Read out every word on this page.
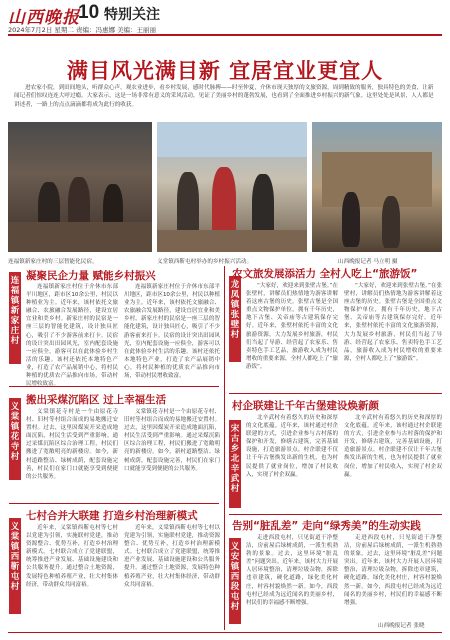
山西晚报
10 特别关注
2024年7月2日 星期二 责编：冯惠娜 美编：王丽丽
满目风光满目新 宜居宜业更宜人
进农家小院，到田间地头，听群众心声，观农业进步，看乡村发展，感时代脉搏——时至仲夏，介休市现天独厚的文旅资源，周到精致的服务，独具特色的美食，让新闻记者们惊叹连连大呼过瘾。大家表示，这是一场非常有意义的采风活动，见证了美丽乡村的蓬勃发展，也看到了全面推进乡村振兴的新气象。这里处处是风景，人人都是讲述者，一路上的点点滴滴都将成为此行的收获。
连福镇新家庄村的三层智能化民宿。	义堂镇西靳屯村举办的乡村振兴活动。	山西晚报记者 马立明 摄
连福镇新家庄村
凝聚民企力量 赋能乡村振兴
连福镇新家庄村位于介休市东部平川地区，距市区10余公里，村民以种植业为主。近年来，该村依托文旅融合、农旅融合发展路径，建设宜居宜业和美乡村。新家庄村的民宿是一座三层的智能化建筑，设计独具匠心，吸引了不少游客前来打卡。民宿的设计突出田园风光，室内配套设施一应俱全，游客可以在此体验乡村生活的乐趣。该村还依托本地特色产业，打造了农产品展销中心，将村民种植的优质农产品推向市场，带动村民增收致富。
连福镇新家庄村位于介休市东部平川地区，距市区10余公里，村民以种植业为主。近年来，该村依托文旅融合、农旅融合发展路径，建设宜居宜业和美乡村。新家庄村的民宿是一座三层的智能化建筑，设计独具匠心，吸引了不少游客前来打卡。民宿的设计突出田园风光，室内配套设施一应俱全，游客可以在此体验乡村生活的乐趣。该村还依托本地特色产业，打造了农产品展销中心，将村民种植的优质农产品推向市场，带动村民增收致富。
义棠镇花寺村
搬出采煤沉陷区 过上幸福生活
义棠镇花寺村是一个由原花寺村、旧村等村组合而成的易地搬迁安置村。过去，这里因煤炭开采造成地面沉陷，村民生活受到严重影响。通过采煤沉陷区综合治理工程，村民们搬进了宽敞明亮的新楼房。如今，新村道路整洁、绿树成荫，配套设施完善，村民们在家门口就能享受到便捷的公共服务。
义棠镇花寺村是一个由原花寺村、旧村等村组合而成的易地搬迁安置村。过去，这里因煤炭开采造成地面沉陷，村民生活受到严重影响。通过采煤沉陷区综合治理工程，村民们搬进了宽敞明亮的新楼房。如今，新村道路整洁、绿树成荫，配套设施完善，村民们在家门口就能享受到便捷的公共服务。
义棠镇西靳屯村
七村合并大联建 打造乡村治理新模式
近年来，义棠镇西靳屯村等七村以党建为引领，实施联村党建，推动资源整合、优势互补，打造乡村治理新模式。七村联合成立了党建联盟，统筹推进产业发展、基础设施建设和公共服务提升。通过整合土地资源，发展特色种植养殖产业，壮大村集体经济，带动群众共同富裕。
近年来，义棠镇西靳屯村等七村以党建为引领，实施联村党建，推动资源整合、优势互补，打造乡村治理新模式。七村联合成立了党建联盟，统筹推进产业发展、基础设施建设和公共服务提升。通过整合土地资源，发展特色种植养殖产业，壮大村集体经济，带动群众共同富裕。
龙凤镇张壁村
农文旅发展添活力 全村人吃上“旅游饭”
“大家好，欢迎来到张壁古堡。”在张壁村，讲解员们热情地为游客讲解着这座古堡的历史。张壁古堡是全国重点文物保护单位，拥有千年历史，地下古堡、关帝庙等古建筑保存完好。近年来，张壁村依托丰富的文化旅游资源，大力发展乡村旅游，村民们当起了导游、经营起了农家乐、售卖特色手工艺品，旅游收入成为村民增收的重要来源，全村人都吃上了“旅游饭”。
“大家好，欢迎来到张壁古堡。”在张壁村，讲解员们热情地为游客讲解着这座古堡的历史。张壁古堡是全国重点文物保护单位，拥有千年历史，地下古堡、关帝庙等古建筑保存完好。近年来，张壁村依托丰富的文化旅游资源，大力发展乡村旅游，村民们当起了导游、经营起了农家乐、售卖特色手工艺品，旅游收入成为村民增收的重要来源，全村人都吃上了“旅游饭”。
宋古乡北辛武村
村企联建让千年古堡建设焕新颜
北辛武村有着悠久的历史和深厚的文化底蕴。近年来，该村通过村企联建的方式，引进企业参与古村落的保护和开发，修缮古建筑，完善基础设施，打造旅游景点。村企联建不仅让千年古堡焕发出新的生机，也为村民提供了就业岗位，增加了村民收入，实现了村企双赢。
北辛武村有着悠久的历史和深厚的文化底蕴。近年来，该村通过村企联建的方式，引进企业参与古村落的保护和开发，修缮古建筑，完善基础设施，打造旅游景点。村企联建不仅让千年古堡焕发出新的生机，也为村民提供了就业岗位，增加了村民收入，实现了村企双赢。
义安镇西段屯村
告别“脏乱差” 走向“绿秀美”的生动实践
走进西段屯村，只见街道干净整洁，房前屋后绿树成荫，一派生机勃勃的景象。过去，这里环境“脏乱差”问题突出。近年来，该村大力开展人居环境整治，清理垃圾杂物，拆除违章建筑，硬化道路，绿化美化村庄，村容村貌焕然一新。如今，西段屯村已经成为远近闻名的美丽乡村，村民们的幸福感不断增强。
走进西段屯村，只见街道干净整洁，房前屋后绿树成荫，一派生机勃勃的景象。过去，这里环境“脏乱差”问题突出。近年来，该村大力开展人居环境整治，清理垃圾杂物，拆除违章建筑，硬化道路，绿化美化村庄，村容村貌焕然一新。如今，西段屯村已经成为远近闻名的美丽乡村，村民们的幸福感不断增强。
山西晚报记者 张晓
